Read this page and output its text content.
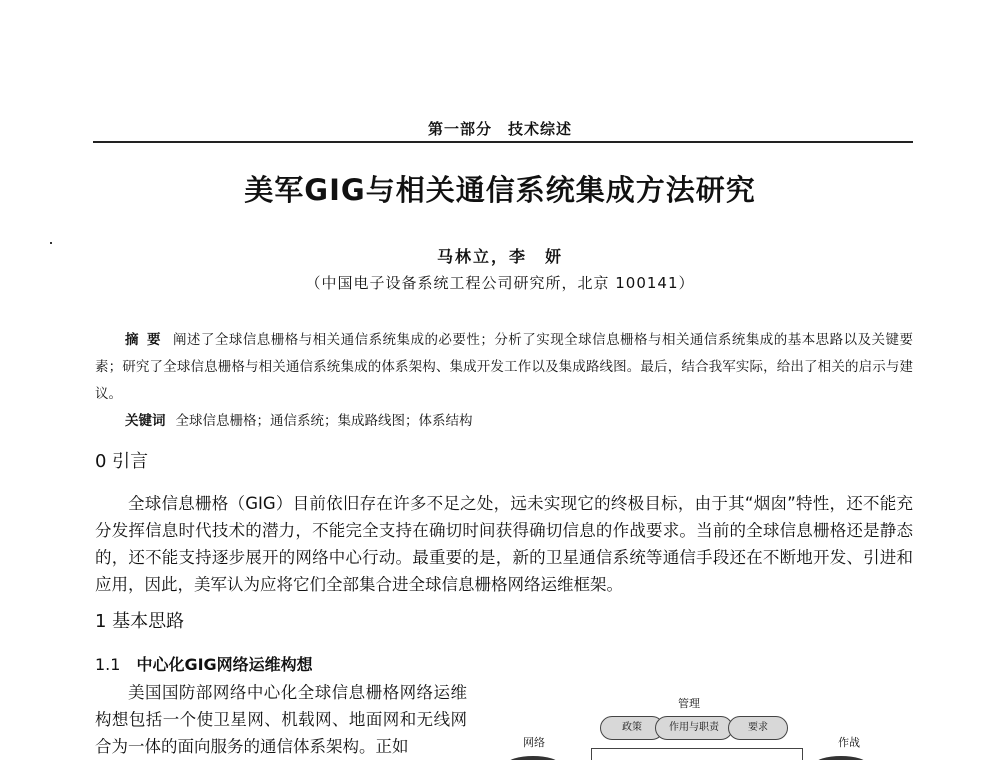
第一部分　技术综述
美军GIG与相关通信系统集成方法研究
马林立，李　妍
（中国电子设备系统工程公司研究所，北京 100141）
摘要 阐述了全球信息栅格与相关通信系统集成的必要性；分析了实现全球信息栅格与相关通信系统集成的基本思路以及关键要素；研究了全球信息栅格与相关通信系统集成的体系架构、集成开发工作以及集成路线图。最后，结合我军实际，给出了相关的启示与建议。
关键词 全球信息栅格；通信系统；集成路线图；体系结构
0 引言
全球信息栅格（GIG）目前依旧存在许多不足之处，远未实现它的终极目标，由于其“烟囱”特性，还不能充分发挥信息时代技术的潜力，不能完全支持在确切时间获得确切信息的作战要求。当前的全球信息栅格还是静态的，还不能支持逐步展开的网络中心行动。最重要的是，新的卫星通信系统等通信手段还在不断地开发、引进和应用，因此，美军认为应将它们全部集合进全球信息栅格网络运维框架。
1 基本思路
1.1 中心化GIG网络运维构想
美国国防部网络中心化全球信息栅格网络运维构想包括一个使卫星网、机载网、地面网和无线网合为一体的面向服务的通信体系架构。正如
管理
网络	作战
政策	作用与职责	要求
